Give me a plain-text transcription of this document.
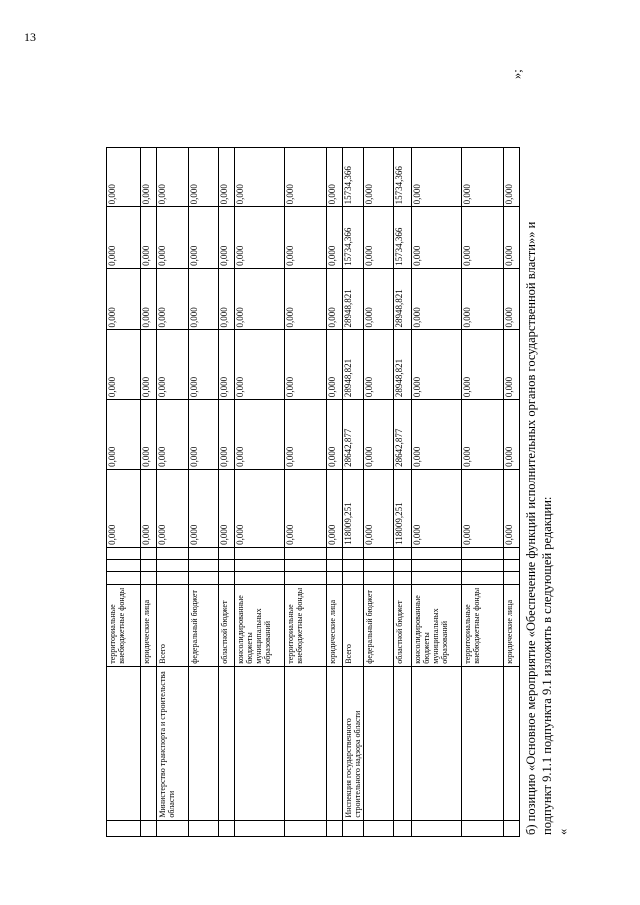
13
		территориальные внебюджетные фонды				0,000	0,000	0,000	0,000	0,000	0,000
		юридические лица				0,000	0,000	0,000	0,000	0,000	0,000
	Министерство транспорта и строительства области	Всего				0,000	0,000	0,000	0,000	0,000	0,000
		федеральный бюджет				0,000	0,000	0,000	0,000	0,000	0,000
		областной бюджет				0,000	0,000	0,000	0,000	0,000	0,000
		консолидированные бюджеты муниципальных образований				0,000	0,000	0,000	0,000	0,000	0,000
		территориальные внебюджетные фонды				0,000	0,000	0,000	0,000	0,000	0,000
		юридические лица				0,000	0,000	0,000	0,000	0,000	0,000
	Инспекция государственного строительного надзора области	Всего				118009,251	28642,877	28948,821	28948,821	15734,366	15734,366
		федеральный бюджет				0,000	0,000	0,000	0,000	0,000	0,000
		областной бюджет				118009,251	28642,877	28948,821	28948,821	15734,366	15734,366
		консолидированные бюджеты муниципальных образований				0,000	0,000	0,000	0,000	0,000	0,000
		территориальные внебюджетные фонды				0,000	0,000	0,000	0,000	0,000	0,000
		юридические лица				0,000	0,000	0,000	0,000	0,000	0,000
»;
б) позицию «Основное мероприятие «Обеспечение функций исполнительных органов государственной власти»» и подпункт 9.1.1 подпункта 9.1 изложить в следующей редакции: «
